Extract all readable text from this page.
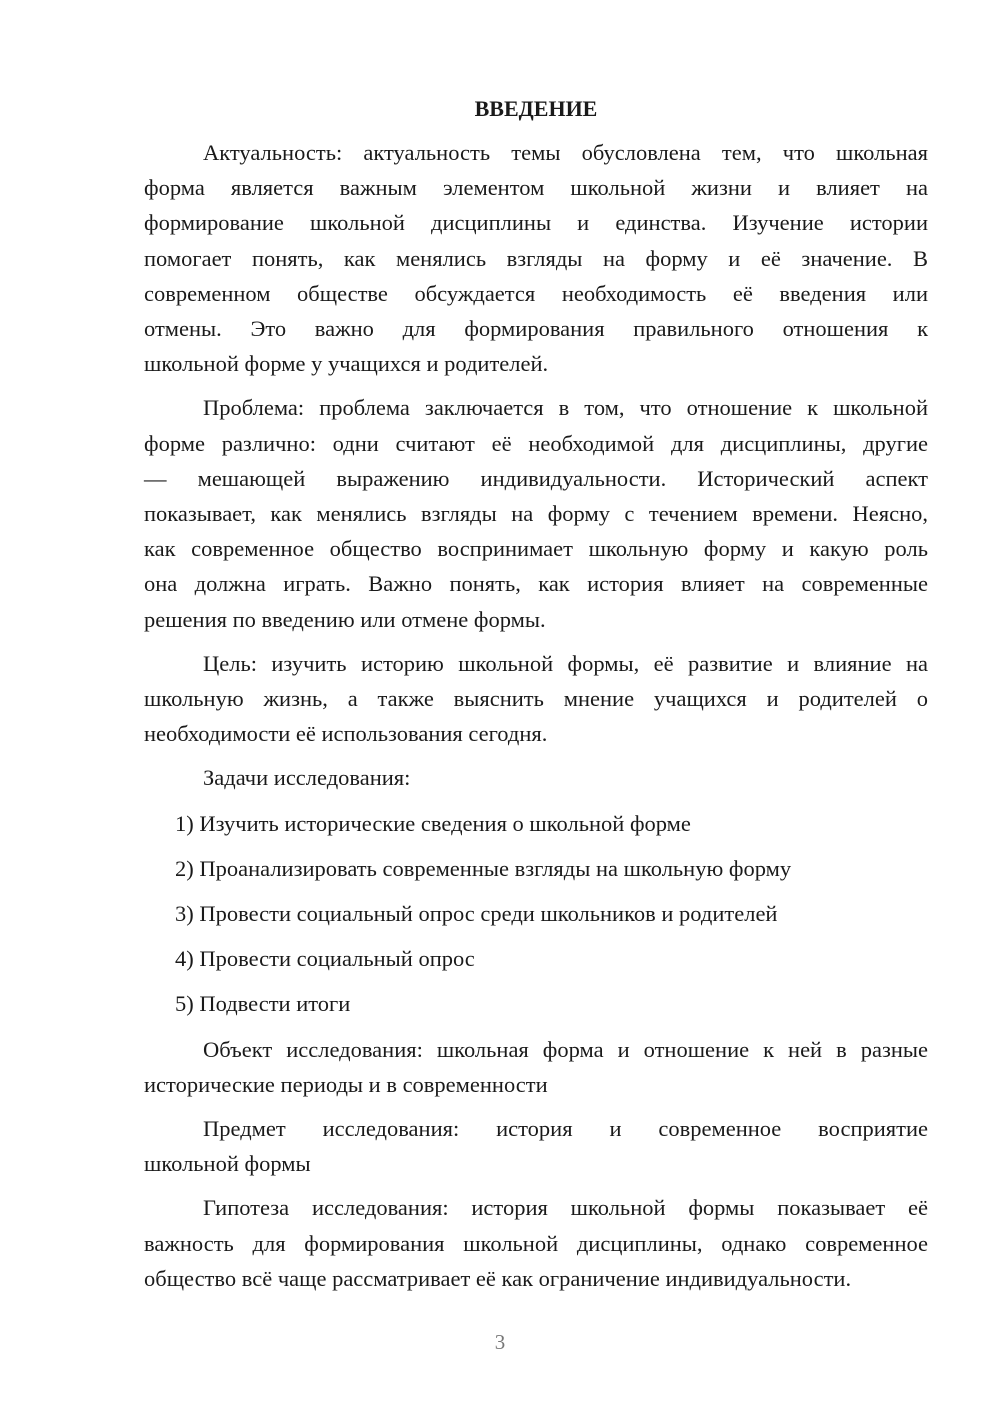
ВВЕДЕНИЕ
Актуальность: актуальность темы обусловлена тем, что школьная
форма является важным элементом школьной жизни и влияет на
формирование школьной дисциплины и единства. Изучение истории
помогает понять, как менялись взгляды на форму и её значение. В
современном обществе обсуждается необходимость её введения или
отмены. Это важно для формирования правильного отношения к
школьной форме у учащихся и родителей.
Проблема: проблема заключается в том, что отношение к школьной
форме различно: одни считают её необходимой для дисциплины, другие
— мешающей выражению индивидуальности. Исторический аспект
показывает, как менялись взгляды на форму с течением времени. Неясно,
как современное общество воспринимает школьную форму и какую роль
она должна играть. Важно понять, как история влияет на современные
решения по введению или отмене формы.
Цель: изучить историю школьной формы, её развитие и влияние на
школьную жизнь, а также выяснить мнение учащихся и родителей о
необходимости её использования сегодня.
Задачи исследования:
1) Изучить исторические сведения о школьной форме
2) Проанализировать современные взгляды на школьную форму
3) Провести социальный опрос среди школьников и родителей
4) Провести социальный опрос
5) Подвести итоги
Объект исследования: школьная форма и отношение к ней в разные
исторические периоды и в современности
Предмет исследования: история и современное восприятие
школьной формы
Гипотеза исследования: история школьной формы показывает её
важность для формирования школьной дисциплины, однако современное
общество всё чаще рассматривает её как ограничение индивидуальности.
3
